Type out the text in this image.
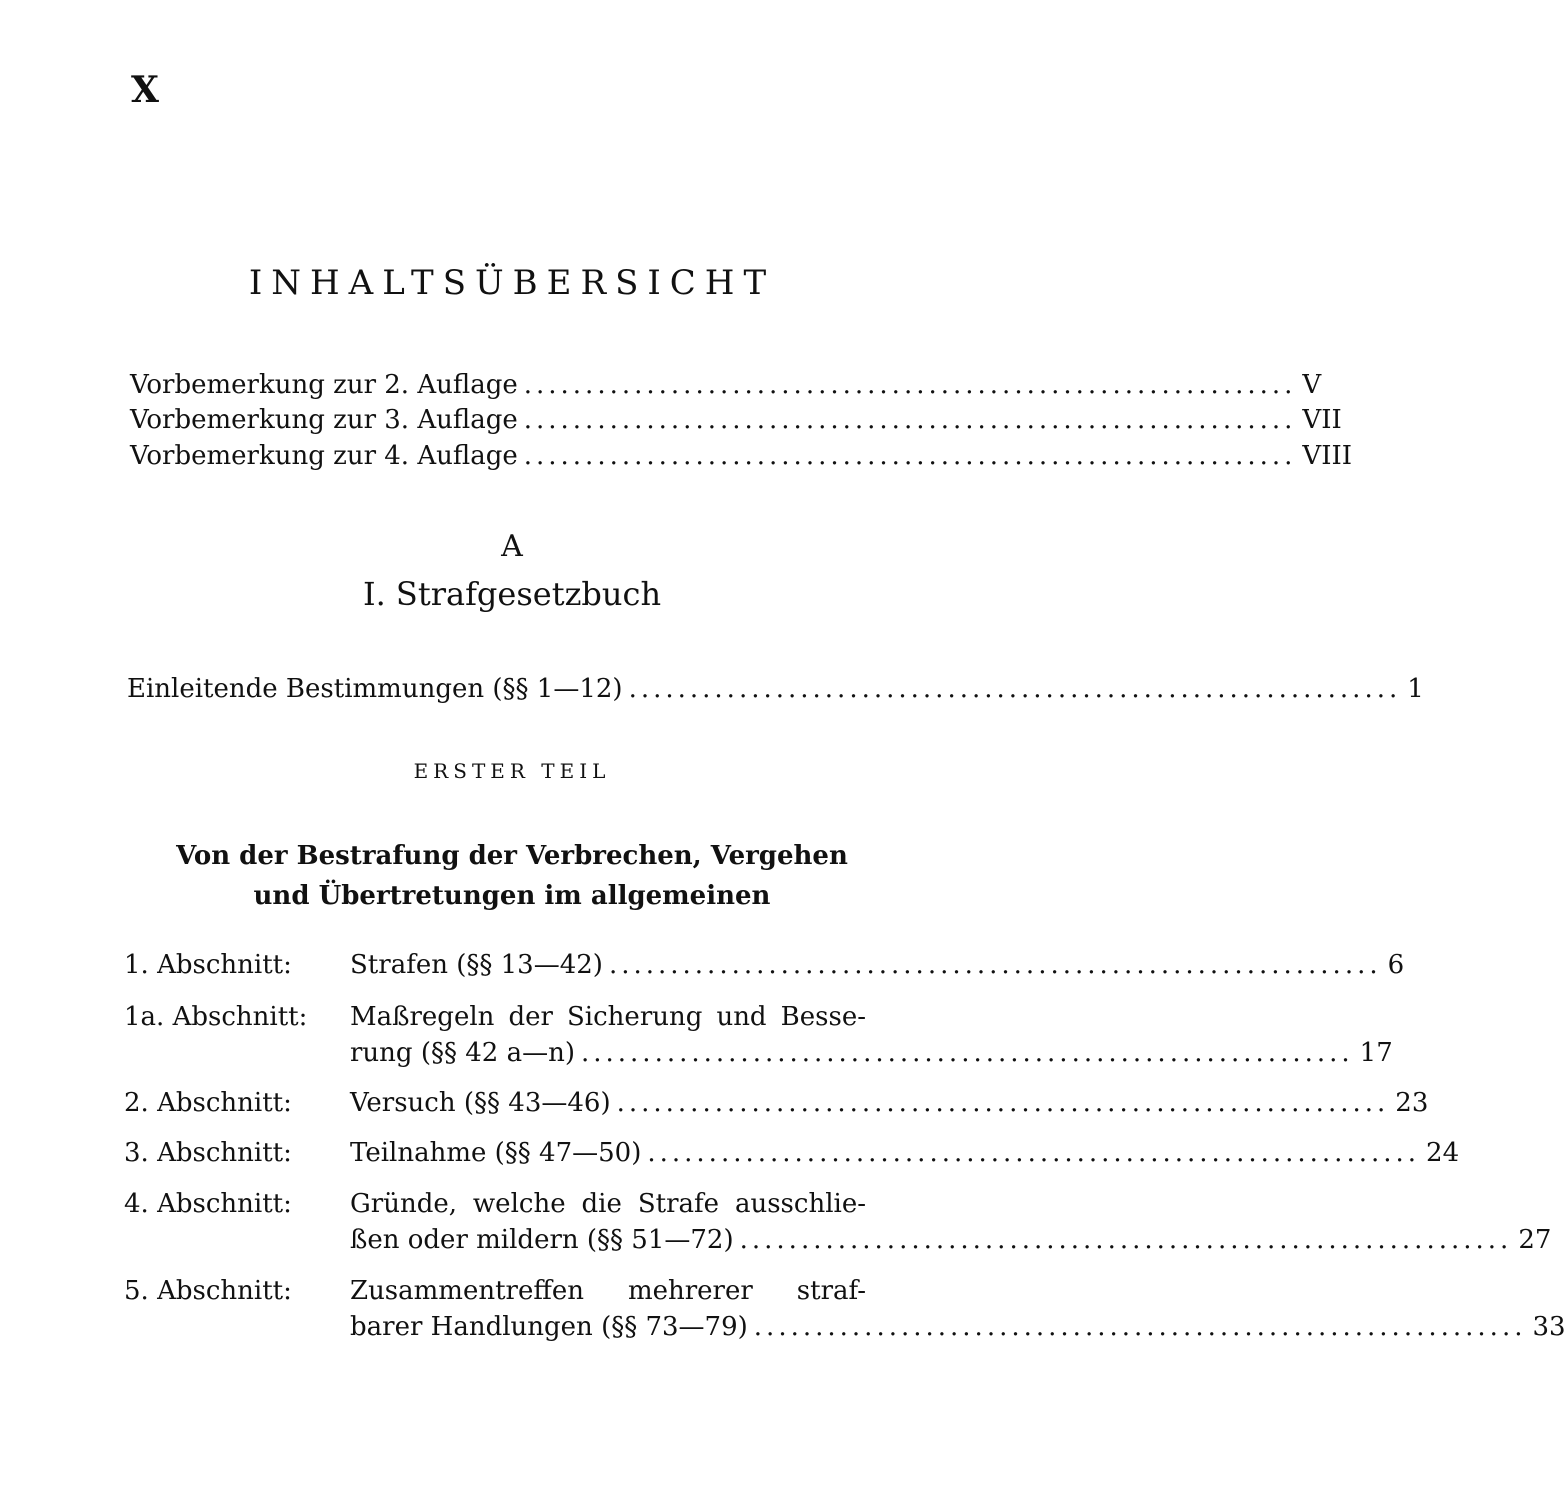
X
INHALTSÜBERSICHT
Vorbemerkung zur 2. Auflage ............................................................... V
Vorbemerkung zur 3. Auflage ............................................................... VII
Vorbemerkung zur 4. Auflage ............................................................... VIII
A
I. Strafgesetzbuch
Einleitende Bestimmungen (§§ 1—12) ............................................................... 1
ERSTER TEIL
Von der Bestrafung der Verbrechen, Vergehen
und Übertretungen im allgemeinen
1. Abschnitt: Strafen (§§ 13—42) ............................................................... 6
1a. Abschnitt: Maßregeln der Sicherung und Besse-
rung (§§ 42 a—n) ............................................................... 17
2. Abschnitt: Versuch (§§ 43—46) ............................................................... 23
3. Abschnitt: Teilnahme (§§ 47—50) ............................................................... 24
4. Abschnitt: Gründe, welche die Strafe ausschlie-
ßen oder mildern (§§ 51—72) ............................................................... 27
5. Abschnitt: Zusammentreffen mehrerer straf-
barer Handlungen (§§ 73—79) ............................................................... 33
